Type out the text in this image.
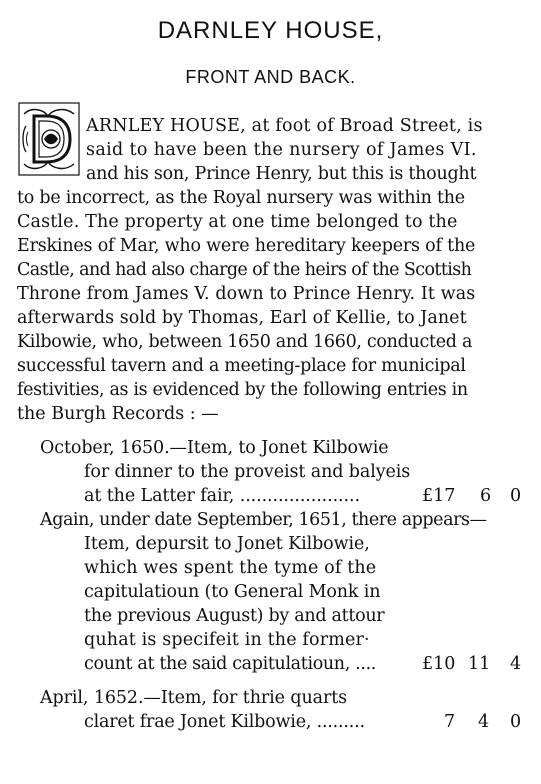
DARNLEY HOUSE,
FRONT AND BACK.
ARNLEY HOUSE, at foot of Broad Street, is
said to have been the nursery of James VI.
and his son, Prince Henry, but this is thought
to be incorrect, as the Royal nursery was within the
Castle. The property at one time belonged to the
Erskines of Mar, who were hereditary keepers of the
Castle, and had also charge of the heirs of the Scottish
Throne from James V. down to Prince Henry. It was
afterwards sold by Thomas, Earl of Kellie, to Janet
Kilbowie, who, between 1650 and 1660, conducted a
successful tavern and a meeting-place for municipal
festivities, as is evidenced by the following entries in
the Burgh Records : —
October, 1650.—Item, to Jonet Kilbowie
for dinner to the proveist and balyeis
at the Latter fair, ......................	£17 6 0
Again, under date September, 1651, there appears—
Item, depursit to Jonet Kilbowie,
which wes spent the tyme of the
capitulatioun (to General Monk in
the previous August) by and attour
quhat is specifeit in the former·
count at the said capitulatioun, ....	£10 11 4
April, 1652.—Item, for thrie quarts
claret frae Jonet Kilbowie, .........	7 4 0
